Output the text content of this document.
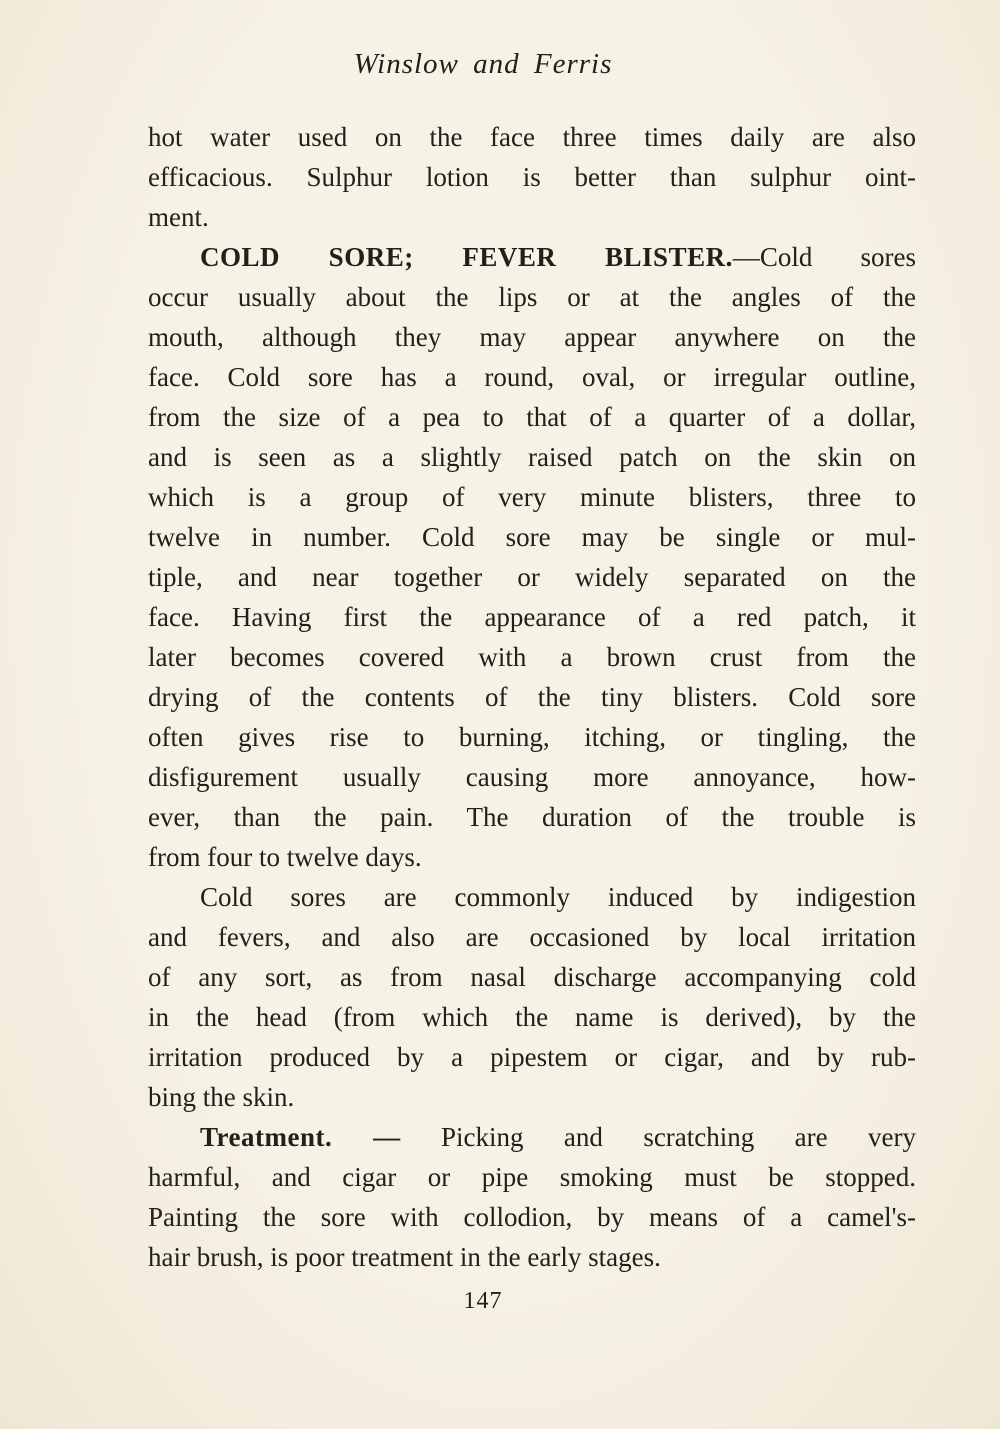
Winslow and Ferris
hot water used on the face three times daily are also
efficacious. Sulphur lotion is better than sulphur oint-
ment.
COLD SORE; FEVER BLISTER.—Cold sores
occur usually about the lips or at the angles of the
mouth, although they may appear anywhere on the
face. Cold sore has a round, oval, or irregular outline,
from the size of a pea to that of a quarter of a dollar,
and is seen as a slightly raised patch on the skin on
which is a group of very minute blisters, three to
twelve in number. Cold sore may be single or mul-
tiple, and near together or widely separated on the
face. Having first the appearance of a red patch, it
later becomes covered with a brown crust from the
drying of the contents of the tiny blisters. Cold sore
often gives rise to burning, itching, or tingling, the
disfigurement usually causing more annoyance, how-
ever, than the pain. The duration of the trouble is
from four to twelve days.
Cold sores are commonly induced by indigestion
and fevers, and also are occasioned by local irritation
of any sort, as from nasal discharge accompanying cold
in the head (from which the name is derived), by the
irritation produced by a pipestem or cigar, and by rub-
bing the skin.
Treatment. — Picking and scratching are very
harmful, and cigar or pipe smoking must be stopped.
Painting the sore with collodion, by means of a camel's-
hair brush, is poor treatment in the early stages.
147
